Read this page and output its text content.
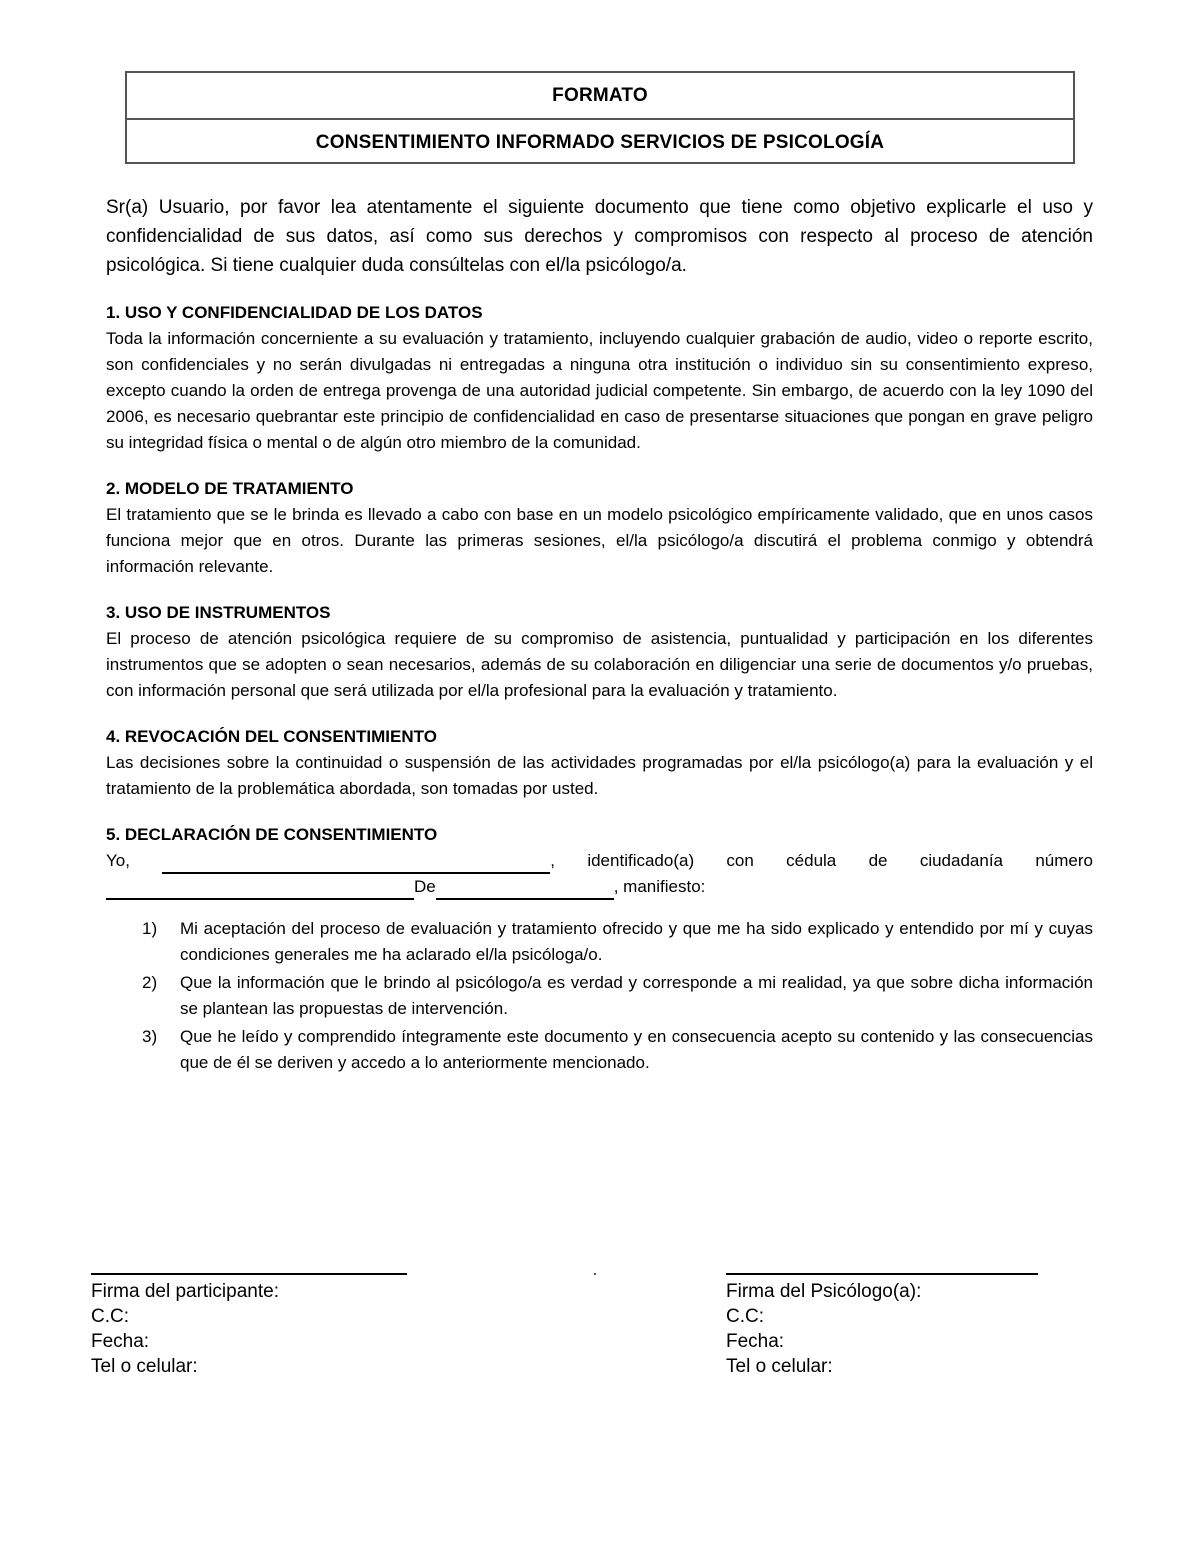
FORMATO
CONSENTIMIENTO INFORMADO SERVICIOS DE PSICOLOGÍA

Sr(a) Usuario, por favor lea atentamente el siguiente documento que tiene como objetivo explicarle el uso y confidencialidad de sus datos, así como sus derechos y compromisos con respecto al proceso de atención psicológica. Si tiene cualquier duda consúltelas con el/la psicólogo/a.

1. USO Y CONFIDENCIALIDAD DE LOS DATOS

Toda la información concerniente a su evaluación y tratamiento, incluyendo cualquier grabación de audio, video o reporte escrito, son confidenciales y no serán divulgadas ni entregadas a ninguna otra institución o individuo sin su consentimiento expreso, excepto cuando la orden de entrega provenga de una autoridad judicial competente. Sin embargo, de acuerdo con la ley 1090 del 2006, es necesario quebrantar este principio de confidencialidad en caso de presentarse situaciones que pongan en grave peligro su integridad física o mental o de algún otro miembro de la comunidad.

2. MODELO DE TRATAMIENTO

El tratamiento que se le brinda es llevado a cabo con base en un modelo psicológico empíricamente validado, que en unos casos funciona mejor que en otros. Durante las primeras sesiones, el/la psicólogo/a discutirá el problema conmigo y obtendrá información relevante.

3. USO DE INSTRUMENTOS

El proceso de atención psicológica requiere de su compromiso de asistencia, puntualidad y participación en los diferentes instrumentos que se adopten o sean necesarios, además de su colaboración en diligenciar una serie de documentos y/o pruebas, con información personal que será utilizada por el/la profesional para la evaluación y tratamiento.

4. REVOCACIÓN DEL CONSENTIMIENTO

Las decisiones sobre la continuidad o suspensión de las actividades programadas por el/la psicólogo(a) para la evaluación y el tratamiento de la problemática abordada, son tomadas por usted.

5. DECLARACIÓN DE CONSENTIMIENTO

Yo,	, identificado(a) con cédula de ciudadanía número
De	, manifiesto:
1)	Mi aceptación del proceso de evaluación y tratamiento ofrecido y que me ha sido explicado y entendido por mí y cuyas condiciones generales me ha aclarado el/la psicóloga/o.
2)	Que la información que le brindo al psicólogo/a es verdad y corresponde a mi realidad, ya que sobre dicha información se plantean las propuestas de intervención.
3)	Que he leído y comprendido íntegramente este documento y en consecuencia acepto su contenido y las consecuencias que de él se deriven y accedo a lo anteriormente mencionado.
Firma del participante:
C.C:
Fecha:
Tel o celular:
Firma del Psicólogo(a):
C.C:
Fecha:
Tel o celular:
